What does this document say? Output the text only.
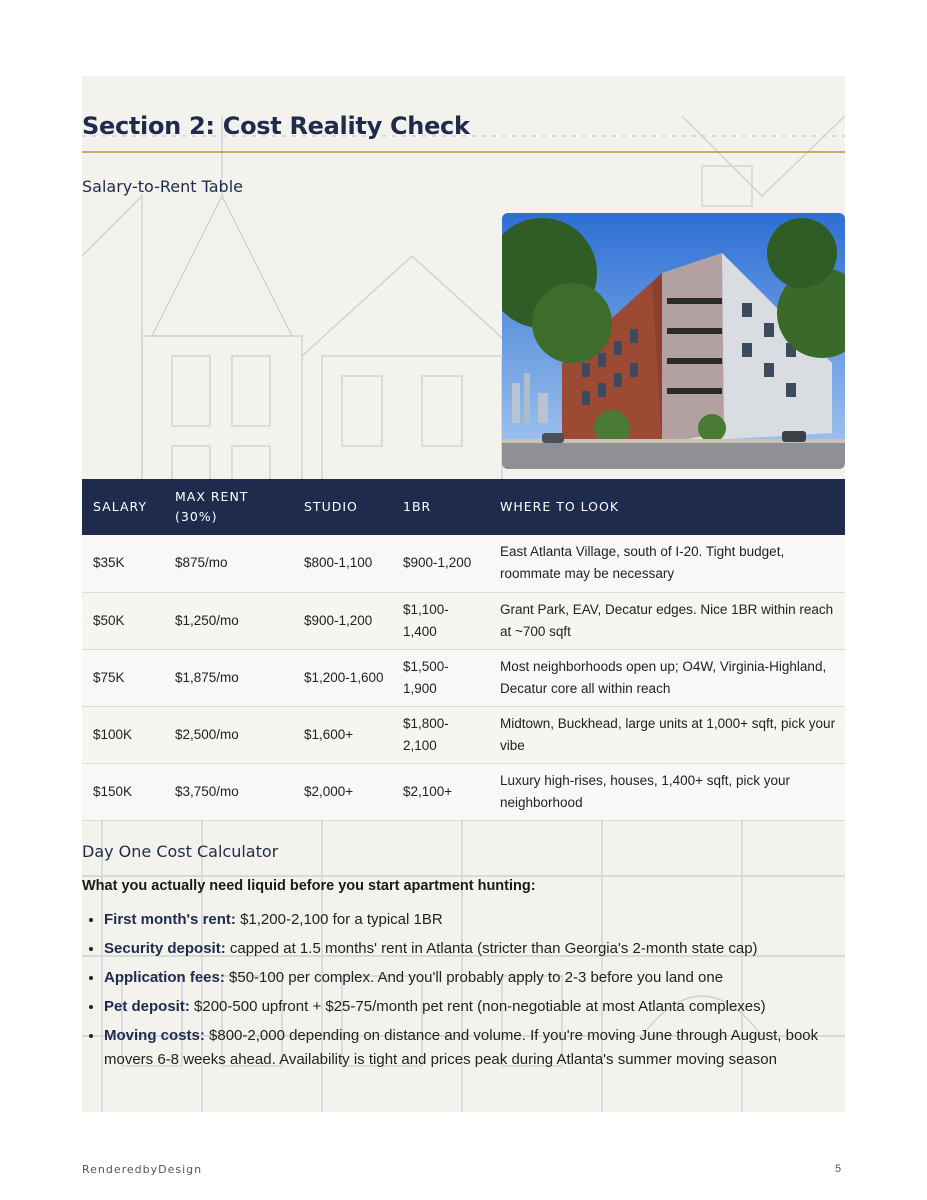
Section 2: Cost Reality Check
Salary-to-Rent Table
SALARY	MAX RENT (30%)	STUDIO	1BR	WHERE TO LOOK
$35K	$875/mo	$800-1,100	$900-1,200	East Atlanta Village, south of I-20. Tight budget, roommate may be necessary
$50K	$1,250/mo	$900-1,200	$1,100-1,400	Grant Park, EAV, Decatur edges. Nice 1BR within reach at ~700 sqft
$75K	$1,875/mo	$1,200-1,600	$1,500-1,900	Most neighborhoods open up; O4W, Virginia-Highland, Decatur core all within reach
$100K	$2,500/mo	$1,600+	$1,800-2,100	Midtown, Buckhead, large units at 1,000+ sqft, pick your vibe
$150K	$3,750/mo	$2,000+	$2,100+	Luxury high-rises, houses, 1,400+ sqft, pick your neighborhood
Day One Cost Calculator

What you actually need liquid before you start apartment hunting:

• First month's rent: $1,200-2,100 for a typical 1BR
• Security deposit: capped at 1.5 months' rent in Atlanta (stricter than Georgia's 2-month state cap)
• Application fees: $50-100 per complex. And you'll probably apply to 2-3 before you land one
• Pet deposit: $200-500 upfront + $25-75/month pet rent (non-negotiable at most Atlanta complexes)
• Moving costs: $800-2,000 depending on distance and volume. If you're moving June through August, book movers 6-8 weeks ahead. Availability is tight and prices peak during Atlanta's summer moving season
RenderedbyDesign	5
